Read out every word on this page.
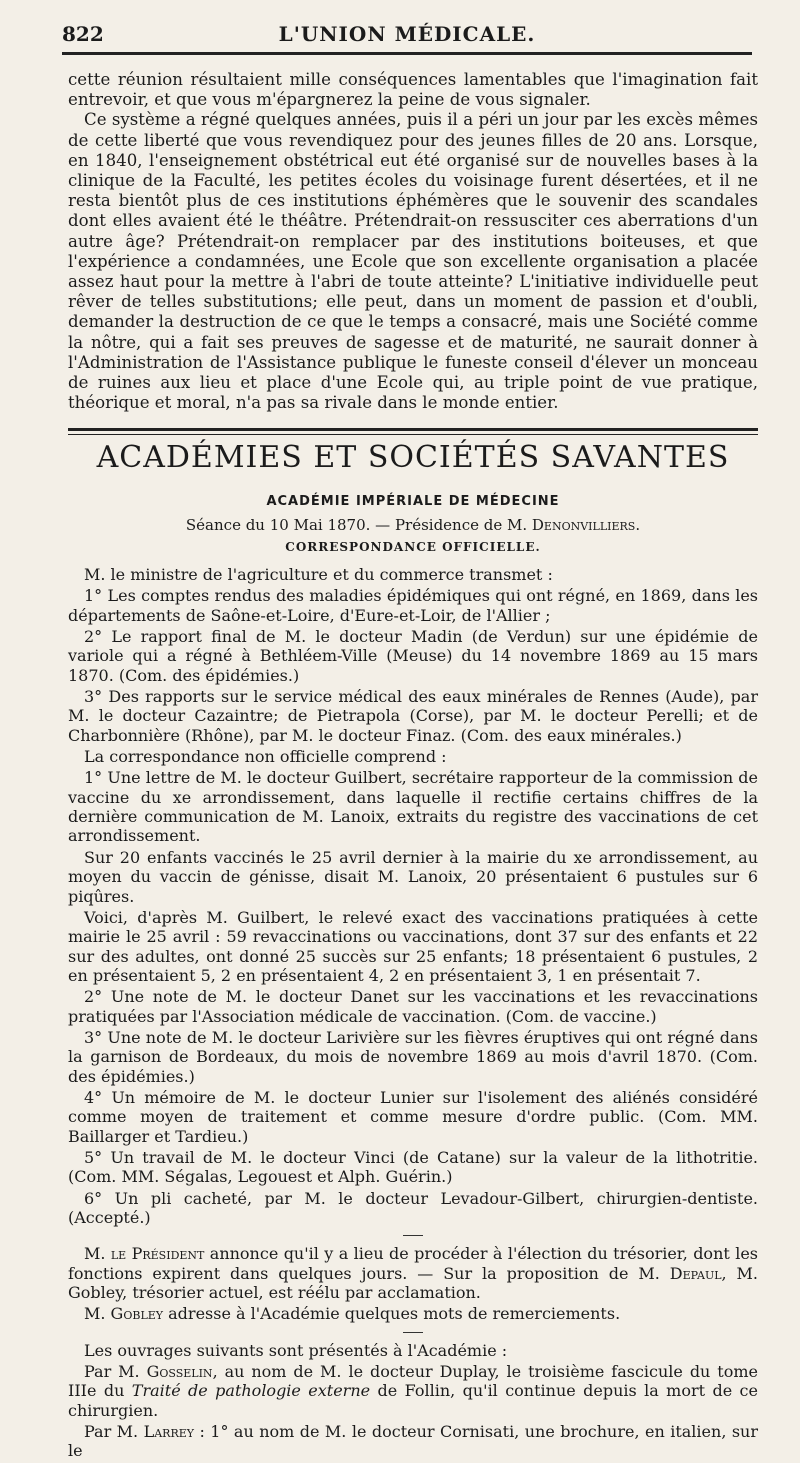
822	L'UNION MÉDICALE.

cette réunion résultaient mille conséquences lamentables que l'imagination fait entrevoir, et que vous m'épargnerez la peine de vous signaler.

Ce système a régné quelques années, puis il a péri un jour par les excès mêmes de cette liberté que vous revendiquez pour des jeunes filles de 20 ans. Lorsque, en 1840, l'enseignement obstétrical eut été organisé sur de nouvelles bases à la clinique de la Faculté, les petites écoles du voisinage furent désertées, et il ne resta bientôt plus de ces institutions éphémères que le souvenir des scandales dont elles avaient été le théâtre. Prétendrait-on ressusciter ces aberrations d'un autre âge? Prétendrait-on remplacer par des institutions boiteuses, et que l'expérience a condamnées, une Ecole que son excellente organisation a placée assez haut pour la mettre à l'abri de toute atteinte? L'initiative individuelle peut rêver de telles substitutions; elle peut, dans un moment de passion et d'oubli, demander la destruction de ce que le temps a consacré, mais une Société comme la nôtre, qui a fait ses preuves de sagesse et de maturité, ne saurait donner à l'Administration de l'Assistance publique le funeste conseil d'élever un monceau de ruines aux lieu et place d'une Ecole qui, au triple point de vue pratique, théorique et moral, n'a pas sa rivale dans le monde entier.

ACADÉMIES ET SOCIÉTÉS SAVANTES
ACADÉMIE IMPÉRIALE DE MÉDECINE
Séance du 10 Mai 1870. — Présidence de M. Denonvilliers.
CORRESPONDANCE OFFICIELLE.

M. le ministre de l'agriculture et du commerce transmet :

1° Les comptes rendus des maladies épidémiques qui ont régné, en 1869, dans les départements de Saône-et-Loire, d'Eure-et-Loir, de l'Allier ;

2° Le rapport final de M. le docteur Madin (de Verdun) sur une épidémie de variole qui a régné à Bethléem-Ville (Meuse) du 14 novembre 1869 au 15 mars 1870. (Com. des épidémies.)

3° Des rapports sur le service médical des eaux minérales de Rennes (Aude), par M. le docteur Cazaintre; de Pietrapola (Corse), par M. le docteur Perelli; et de Charbonnière (Rhône), par M. le docteur Finaz. (Com. des eaux minérales.)

La correspondance non officielle comprend :

1° Une lettre de M. le docteur Guilbert, secrétaire rapporteur de la commission de vaccine du xe arrondissement, dans laquelle il rectifie certains chiffres de la dernière communication de M. Lanoix, extraits du registre des vaccinations de cet arrondissement.

Sur 20 enfants vaccinés le 25 avril dernier à la mairie du xe arrondissement, au moyen du vaccin de génisse, disait M. Lanoix, 20 présentaient 6 pustules sur 6 piqûres.

Voici, d'après M. Guilbert, le relevé exact des vaccinations pratiquées à cette mairie le 25 avril : 59 revaccinations ou vaccinations, dont 37 sur des enfants et 22 sur des adultes, ont donné 25 succès sur 25 enfants; 18 présentaient 6 pustules, 2 en présentaient 5, 2 en présentaient 4, 2 en présentaient 3, 1 en présentait 7.

2° Une note de M. le docteur Danet sur les vaccinations et les revaccinations pratiquées par l'Association médicale de vaccination. (Com. de vaccine.)

3° Une note de M. le docteur Larivière sur les fièvres éruptives qui ont régné dans la garnison de Bordeaux, du mois de novembre 1869 au mois d'avril 1870. (Com. des épidémies.)

4° Un mémoire de M. le docteur Lunier sur l'isolement des aliénés considéré comme moyen de traitement et comme mesure d'ordre public. (Com. MM. Baillarger et Tardieu.)

5° Un travail de M. le docteur Vinci (de Catane) sur la valeur de la lithotritie. (Com. MM. Ségalas, Legouest et Alph. Guérin.)

6° Un pli cacheté, par M. le docteur Levadour-Gilbert, chirurgien-dentiste. (Accepté.)

M. le Président annonce qu'il y a lieu de procéder à l'élection du trésorier, dont les fonctions expirent dans quelques jours. — Sur la proposition de M. Depaul, M. Gobley, trésorier actuel, est réélu par acclamation.

M. Gobley adresse à l'Académie quelques mots de remerciements.

Les ouvrages suivants sont présentés à l'Académie :

Par M. Gosselin, au nom de M. le docteur Duplay, le troisième fascicule du tome IIIe du Traité de pathologie externe de Follin, qu'il continue depuis la mort de ce chirurgien.

Par M. Larrey : 1° au nom de M. le docteur Cornisati, une brochure, en italien, sur le
